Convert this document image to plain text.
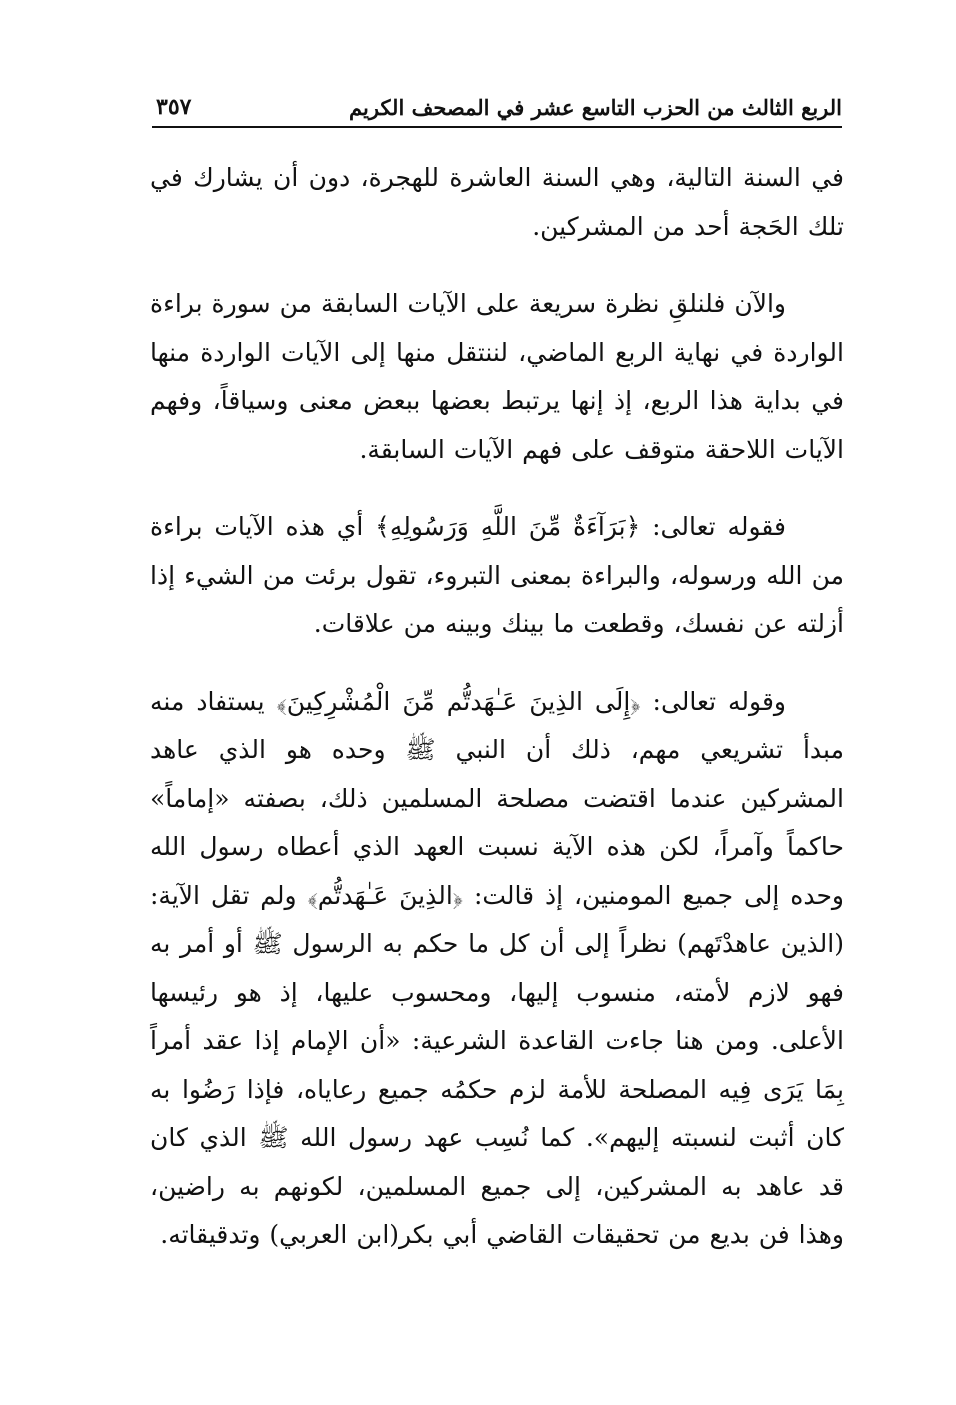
الربع الثالث من الحزب التاسع عشر في المصحف الكريم
٣٥٧

في السنة التالية، وهي السنة العاشرة للهجرة، دون أن يشارك في تلك الحَجة أحد من المشركين.

والآن فلنلقِ نظرة سريعة على الآيات السابقة من سورة براءة الواردة في نهاية الربع الماضي، لننتقل منها إلى الآيات الواردة منها في بداية هذا الربع، إذ إنها يرتبط بعضها ببعض معنى وسياقاً، وفهم الآيات اللاحقة متوقف على فهم الآيات السابقة.

فقوله تعالى: ﴿بَرَآءَةٌ مِّنَ اللَّهِ وَرَسُولِهِ﴾ أي هذه الآيات براءة من الله ورسوله، والبراءة بمعنى التبروء، تقول برئت من الشيء إذا أزلته عن نفسك، وقطعت ما بينك وبينه من علاقات.

وقوله تعالى: ﴿إِلَى الذِينَ عَـٰهَدتُّم مِّنَ الْمُشْرِكِينَ﴾ يستفاد منه مبدأ تشريعي مهم، ذلك أن النبي ﷺ وحده هو الذي عاهد المشركين عندما اقتضت مصلحة المسلمين ذلك، بصفته «إماماً» حاكماً وآمراً، لكن هذه الآية نسبت العهد الذي أعطاه رسول الله وحده إلى جميع المومنين، إذ قالت: ﴿الذِينَ عَـٰهَدتُّم﴾ ولم تقل الآية: (الذين عاهدْتَهم) نظراً إلى أن كل ما حكم به الرسول ﷺ أو أمر به فهو لازم لأمته، منسوب إليها، ومحسوب عليها، إذ هو رئيسها الأعلى. ومن هنا جاءت القاعدة الشرعية: «أن الإمام إذا عقد أمراً بِمَا يَرَى فِيه المصلحة للأمة لزم حكمُه جميع رعاياه، فإذا رَضُوا به كان أثبت لنسبته إليهم». كما نُسِب عهد رسول الله ﷺ الذي كان قد عاهد به المشركين، إلى جميع المسلمين، لكونهم به راضين، وهذا فن بديع من تحقيقات القاضي أبي بكر(ابن العربي) وتدقيقاته.
